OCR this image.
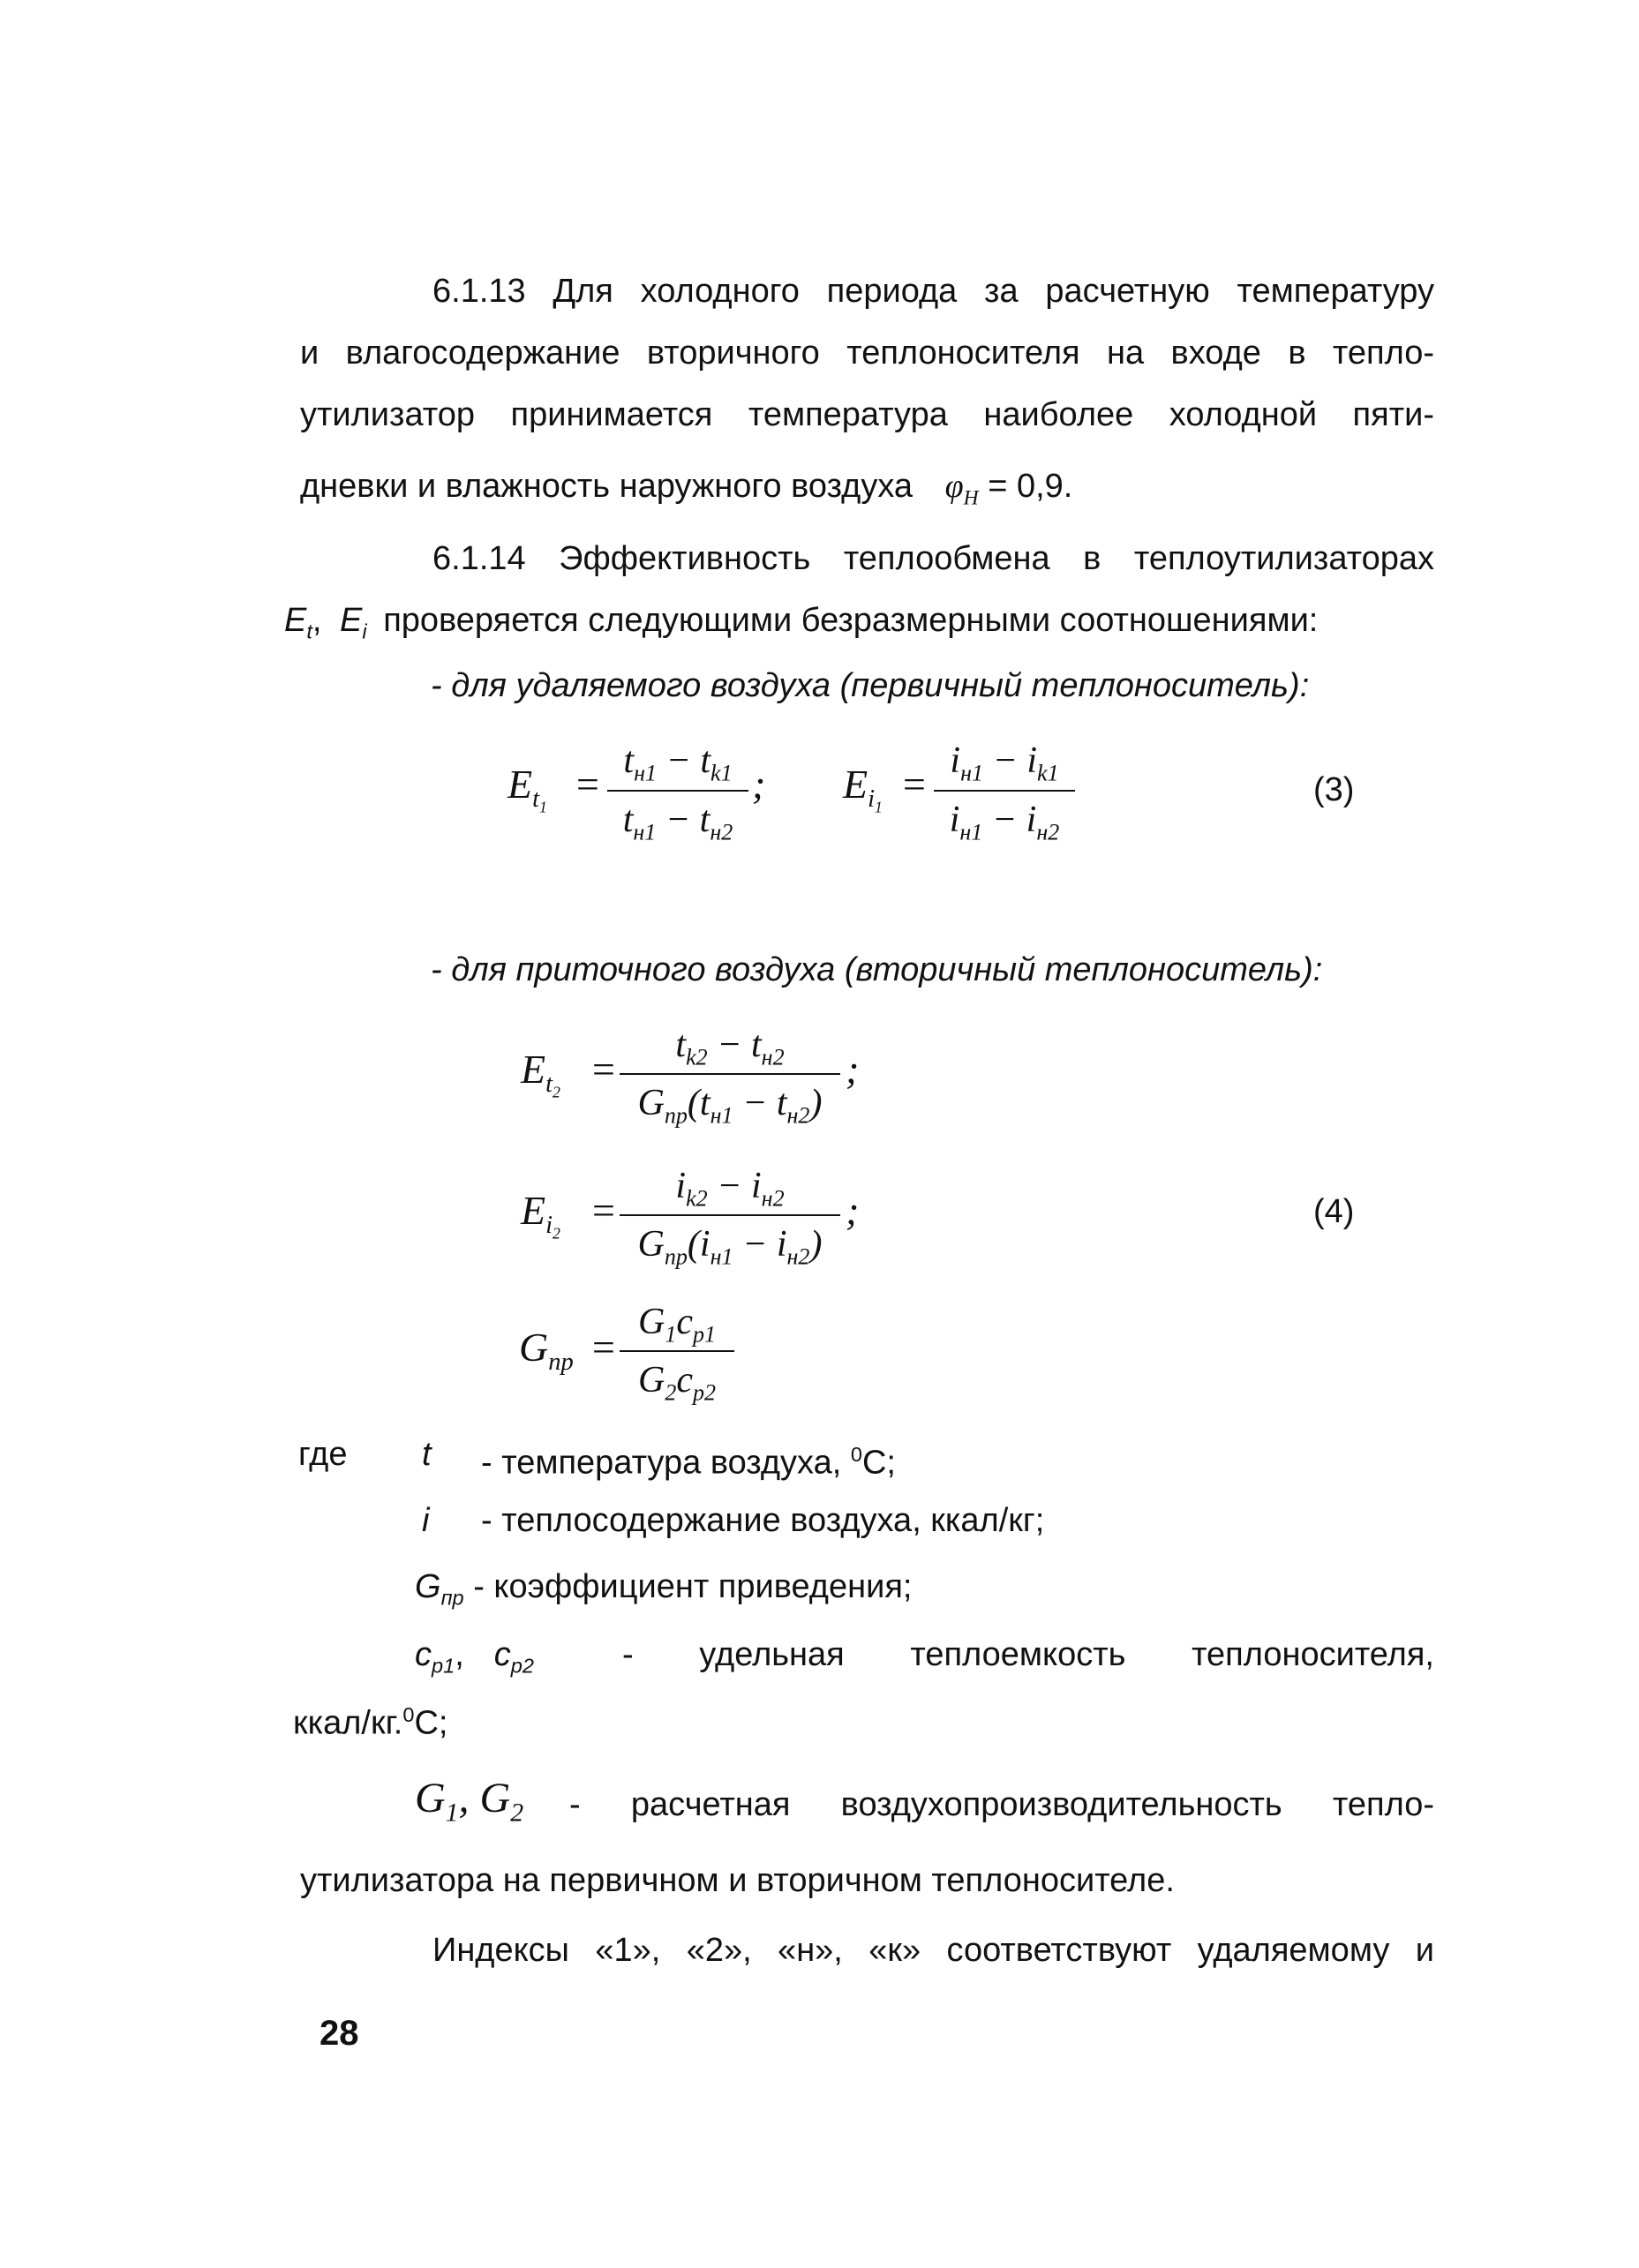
6.1.13 Для холодного периода за расчетную температуру
и влагосодержание вторичного теплоносителя на входе в тепло-
утилизатор принимается температура наиболее холодной пяти-
дневки и влажность наружного воздуха $\varphi_Н = 0,9$.
6.1.14 Эффективность теплообмена в теплоутилизаторах
$Е_t$, $Е_i$ проверяется следующими безразмерными соотношениями:
- для удаляемого воздуха (первичный теплоноситель):
$E_{t_1}$
=
$t_{н1} - t_{k1}$
$t_{н1} - t_{н2}$
; $E_{i_1}$
=
$i_{н1} - i_{k1}$
$i_{н1} - i_{н2}$
(3)
- для приточного воздуха (вторичный теплоноситель):
$E_{t_2}$
=
$t_{k2} - t_{н2}$
$G_{пр}(t_{н1} - t_{н2})$
;
$E_{i_2}$
=
$i_{k2} - i_{н2}$
$G_{пр}(i_{н1} - i_{н2})$
;
$G_{пр}$ =
$G_1c_{p1}$
$G_2c_{p2}$
(4)
где t - температура воздуха, $^0$С;
i - теплосодержание воздуха, ккал/кг;
$G_{пр}$ - коэффициент приведения;
$c_{p1}$, $c_{p2}$	- удельная теплоемкость теплоносителя,
ккал/кг.$^0$С;
$G_1$, $G_2$ - расчетная воздухопроизводительность тепло-
утилизатора на первичном и вторичном теплоносителе.
Индексы «1», «2», «н», «к» соответствуют удаляемому и
28
